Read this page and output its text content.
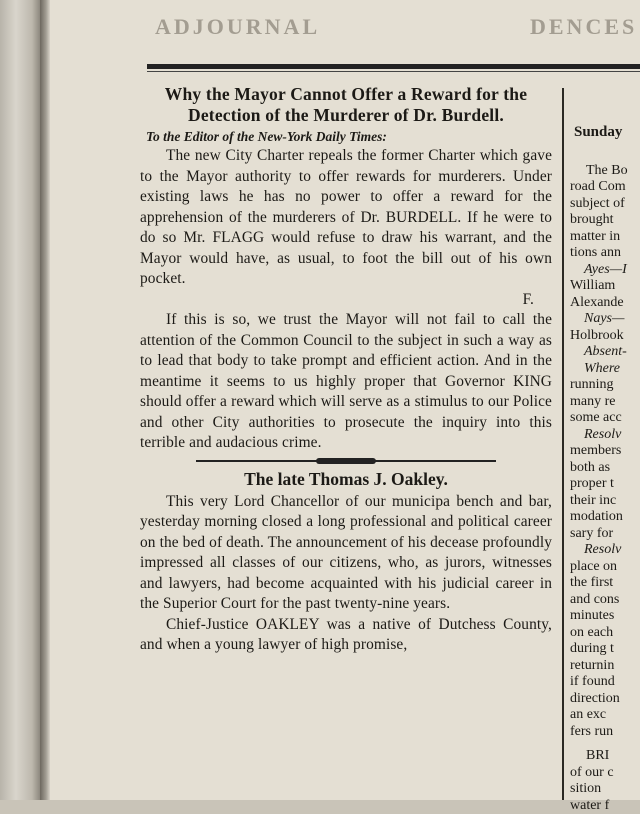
ADJOURNAL	DENCES
Why the Mayor Cannot Offer a Reward for the Detection of the Murderer of Dr. Burdell.
To the Editor of the New-York Daily Times:

The new City Charter repeals the former Charter which gave to the Mayor authority to offer rewards for murderers. Under existing laws he has no power to offer a reward for the apprehension of the murderers of Dr. BURDELL. If he were to do so Mr. FLAGG would refuse to draw his warrant, and the Mayor would have, as usual, to foot the bill out of his own pocket.

F.

If this is so, we trust the Mayor will not fail to call the attention of the Common Council to the subject in such a way as to lead that body to take prompt and efficient action. And in the meantime it seems to us highly proper that Governor KING should offer a reward which will serve as a stimulus to our Police and other City authorities to prosecute the inquiry into this terrible and audacious crime.

The late Thomas J. Oakley.

This very Lord Chancellor of our municipa bench and bar, yesterday morning closed a long professional and political career on the bed of death. The announcement of his decease profoundly impressed all classes of our citizens, who, as jurors, witnesses and lawyers, had become acquainted with his judicial career in the Superior Court for the past twenty-nine years.

Chief-Justice OAKLEY was a native of Dutchess County, and when a young lawyer of high promise,

Sunday
The Bo
road Com
subject of
brought
matter in
tions ann
Ayes—I
William
Alexande
Nays—
Holbrook
Absent-
Where
running
many re
some acc
Resolv
members
both as
proper t
their inc
modation
sary for
Resolv
place on
the first
and cons
minutes
on each
during t
returnin
if found
direction
an exc
fers run
BRI
of our c
sition
water f
